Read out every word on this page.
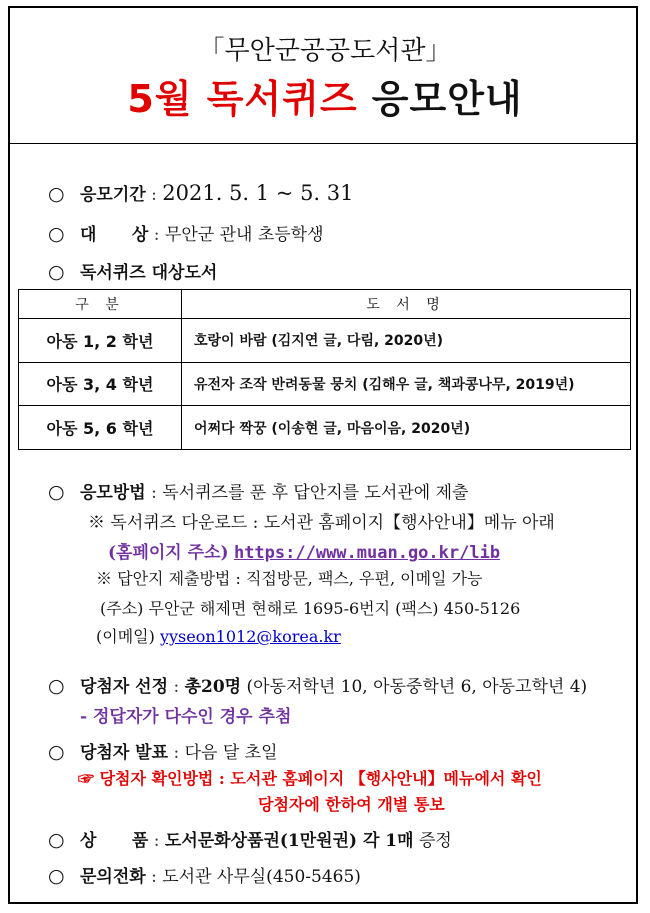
「무안군공공도서관」
5월 독서퀴즈 응모안내
○ 응모기간 : 2021. 5. 1 ~ 5. 31
○ 대      상 : 무안군 관내 초등학생
○ 독서퀴즈 대상도서
구 분	도 서 명
아동 1, 2 학년	호랑이 바람 (김지연 글, 다림, 2020년)
아동 3, 4 학년	유전자 조작 반려동물 뭉치 (김해우 글, 책과콩나무, 2019년)
아동 5, 6 학년	어쩌다 짝꿍 (이송현 글, 마음이음, 2020년)
○ 응모방법 : 독서퀴즈를 푼 후 답안지를 도서관에 제출
※ 독서퀴즈 다운로드 : 도서관 홈페이지【행사안내】메뉴 아래
(홈페이지 주소) https://www.muan.go.kr/lib
※ 답안지 제출방법 : 직접방문, 팩스, 우편, 이메일 가능
(주소) 무안군 해제면 현해로 1695-6번지 (팩스) 450-5126
(이메일) yyseon1012@korea.kr
○ 당첨자 선정 : 총20명 (아동저학년 10, 아동중학년 6, 아동고학년 4)
- 정답자가 다수인 경우 추첨
○ 당첨자 발표 : 다음 달 초일
☞ 당첨자 확인방법 : 도서관 홈페이지 【행사안내】메뉴에서 확인
당첨자에 한하여 개별 통보
○ 상      품 : 도서문화상품권(1만원권) 각 1매 증정
○ 문의전화 : 도서관 사무실(450-5465)
